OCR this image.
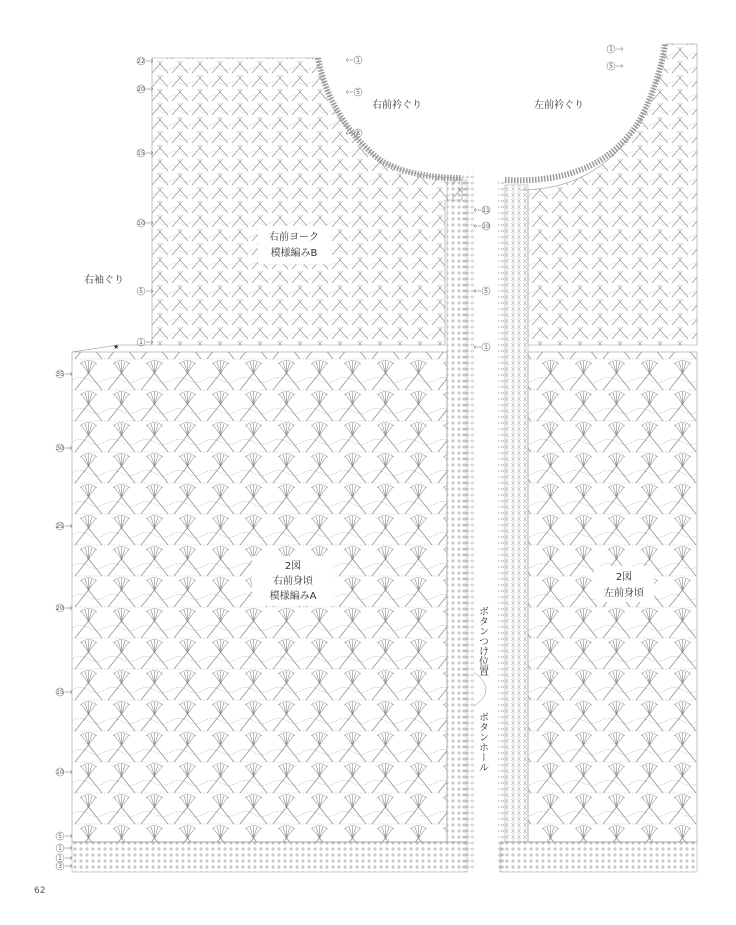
★
22
20
15
10
5
1
35
30
25
20
15
10
5
1
1
3
11
10
5
1
1
5
1
5
8
右前ヨーク
模様編みB
2図
右前身頃
模様編みA
2図
左前身頃
右前衿ぐり	左前衿ぐり
右袖ぐり
ボタンつけ位置
ボタンホール
62
